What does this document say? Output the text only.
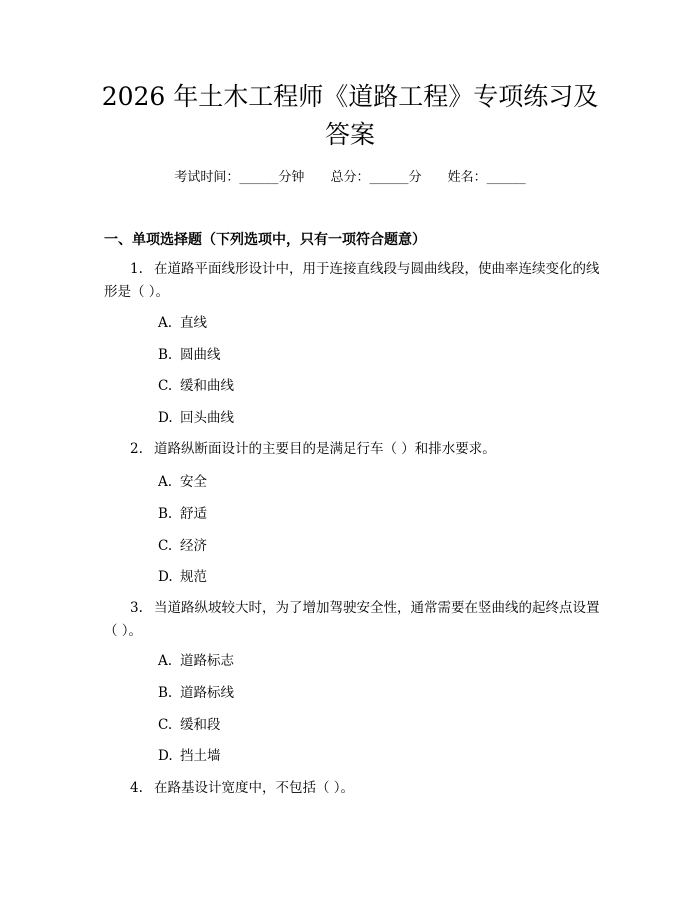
2026 年土木工程师《道路工程》专项练习及
答案
考试时间：______分钟 总分：______分 姓名：______
一、单项选择题（下列选项中，只有一项符合题意）
1. 在道路平面线形设计中，用于连接直线段与圆曲线段，使曲率连续变化的线形是（ ）。
A. 直线
B. 圆曲线
C. 缓和曲线
D. 回头曲线
2. 道路纵断面设计的主要目的是满足行车（ ）和排水要求。
A. 安全
B. 舒适
C. 经济
D. 规范
3. 当道路纵坡较大时，为了增加驾驶安全性，通常需要在竖曲线的起终点设置（ ）。
A. 道路标志
B. 道路标线
C. 缓和段
D. 挡土墙
4. 在路基设计宽度中，不包括（ ）。
